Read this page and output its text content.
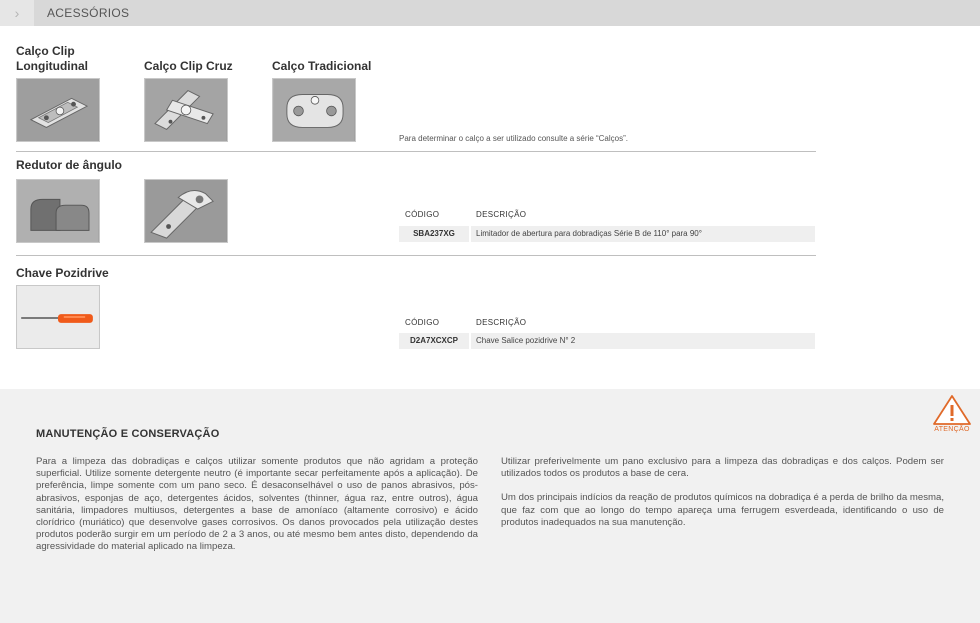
›	ACESSÓRIOS
Calço Clip Longitudinal	Calço Clip Cruz	Calço Tradicional
Para determinar o calço a ser utilizado consulte a série “Calços”.
Redutor de ângulo
CÓDIGO	DESCRIÇÃO
SBA237XG	Limitador de abertura para dobradiças Série B de 110° para 90°
Chave Pozidrive
CÓDIGO	DESCRIÇÃO
D2A7XCXCP	Chave Salice pozidrive N° 2
MANUTENÇÃO E CONSERVAÇÃO

Para a limpeza das dobradiças e calços utilizar somente produtos que não agridam a proteção superficial. Utilize somente detergente neutro (é importante secar perfeitamente após a aplicação). De preferência, limpe somente com um pano seco. É desaconselhável o uso de panos abrasivos, pós-abrasivos, esponjas de aço, detergentes ácidos, solventes (thinner, água raz, entre outros), água sanitária, limpadores multiusos, detergentes a base de amoníaco (altamente corrosivo) e ácido clorídrico (muriático) que desenvolve gases corrosivos. Os danos provocados pela utilização destes produtos poderão surgir em um período de 2 a 3 anos, ou até mesmo bem antes disto, dependendo da agressividade do material aplicado na limpeza.

Utilizar preferivelmente um pano exclusivo para a limpeza das dobradiças e dos calços. Podem ser utilizados todos os produtos a base de cera.

Um dos principais indícios da reação de produtos químicos na dobradiça é a perda de brilho da mesma, que faz com que ao longo do tempo apareça uma ferrugem esverdeada, identificando o uso de produtos inadequados na sua manutenção.

ATENÇÃO
